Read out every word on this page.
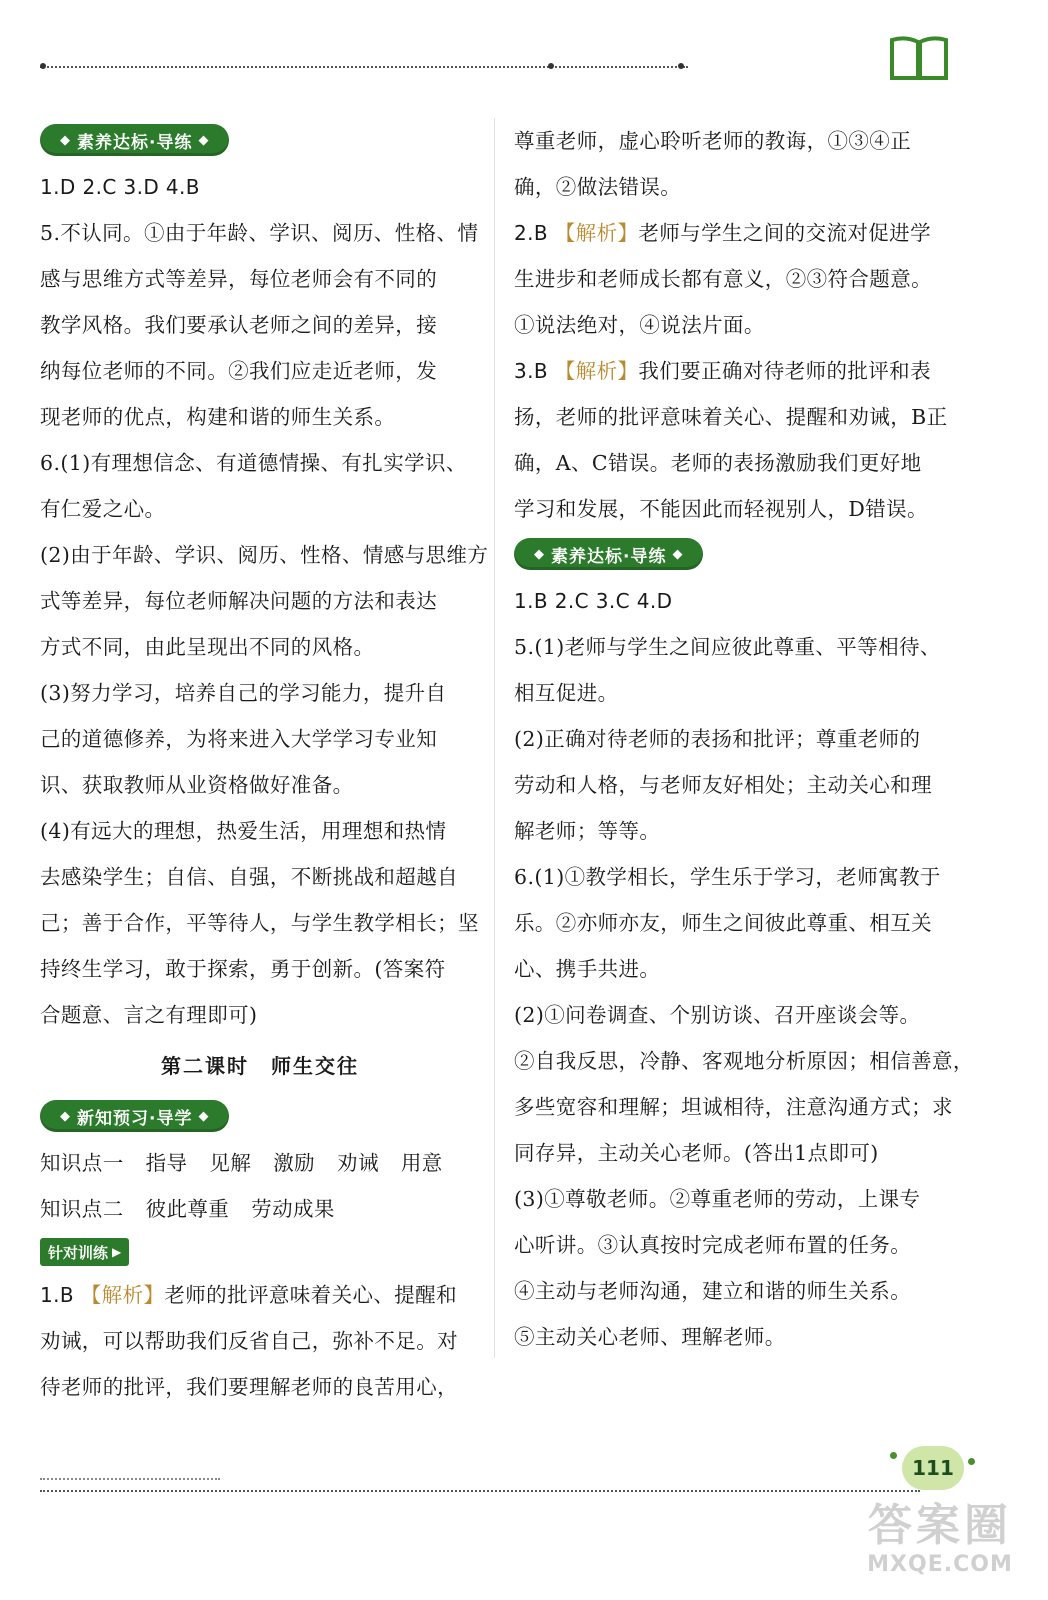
◆ 素养达标·导练 ◆
1.D 2.C 3.D 4.B
5.不认同。①由于年龄、学识、阅历、性格、情
感与思维方式等差异，每位老师会有不同的
教学风格。我们要承认老师之间的差异，接
纳每位老师的不同。②我们应走近老师，发
现老师的优点，构建和谐的师生关系。
6.(1)有理想信念、有道德情操、有扎实学识、
有仁爱之心。
(2)由于年龄、学识、阅历、性格、情感与思维方
式等差异，每位老师解决问题的方法和表达
方式不同，由此呈现出不同的风格。
(3)努力学习，培养自己的学习能力，提升自
己的道德修养，为将来进入大学学习专业知
识、获取教师从业资格做好准备。
(4)有远大的理想，热爱生活，用理想和热情
去感染学生；自信、自强，不断挑战和超越自
己；善于合作，平等待人，与学生教学相长；坚
持终生学习，敢于探索，勇于创新。(答案符
合题意、言之有理即可)
第二课时　师生交往
◆ 新知预习·导学 ◆
知识点一 指导 见解 激励 劝诫 用意
知识点二 彼此尊重 劳动成果
针对训练 ▶
1.B 【解析】老师的批评意味着关心、提醒和
劝诫，可以帮助我们反省自己，弥补不足。对
待老师的批评，我们要理解老师的良苦用心，
尊重老师，虚心聆听老师的教诲，①③④正
确，②做法错误。
2.B 【解析】老师与学生之间的交流对促进学
生进步和老师成长都有意义，②③符合题意。
①说法绝对，④说法片面。
3.B 【解析】我们要正确对待老师的批评和表
扬，老师的批评意味着关心、提醒和劝诫，B正
确，A、C错误。老师的表扬激励我们更好地
学习和发展，不能因此而轻视别人，D错误。
◆ 素养达标·导练 ◆
1.B 2.C 3.C 4.D
5.(1)老师与学生之间应彼此尊重、平等相待、
相互促进。
(2)正确对待老师的表扬和批评；尊重老师的
劳动和人格，与老师友好相处；主动关心和理
解老师；等等。
6.(1)①教学相长，学生乐于学习，老师寓教于
乐。②亦师亦友，师生之间彼此尊重、相互关
心、携手共进。
(2)①问卷调查、个别访谈、召开座谈会等。
②自我反思，冷静、客观地分析原因；相信善意，
多些宽容和理解；坦诚相待，注意沟通方式；求
同存异，主动关心老师。(答出1点即可)
(3)①尊敬老师。②尊重老师的劳动，上课专
心听讲。③认真按时完成老师布置的任务。
④主动与老师沟通，建立和谐的师生关系。
⑤主动关心老师、理解老师。
111
答案圈
MXQE.COM
